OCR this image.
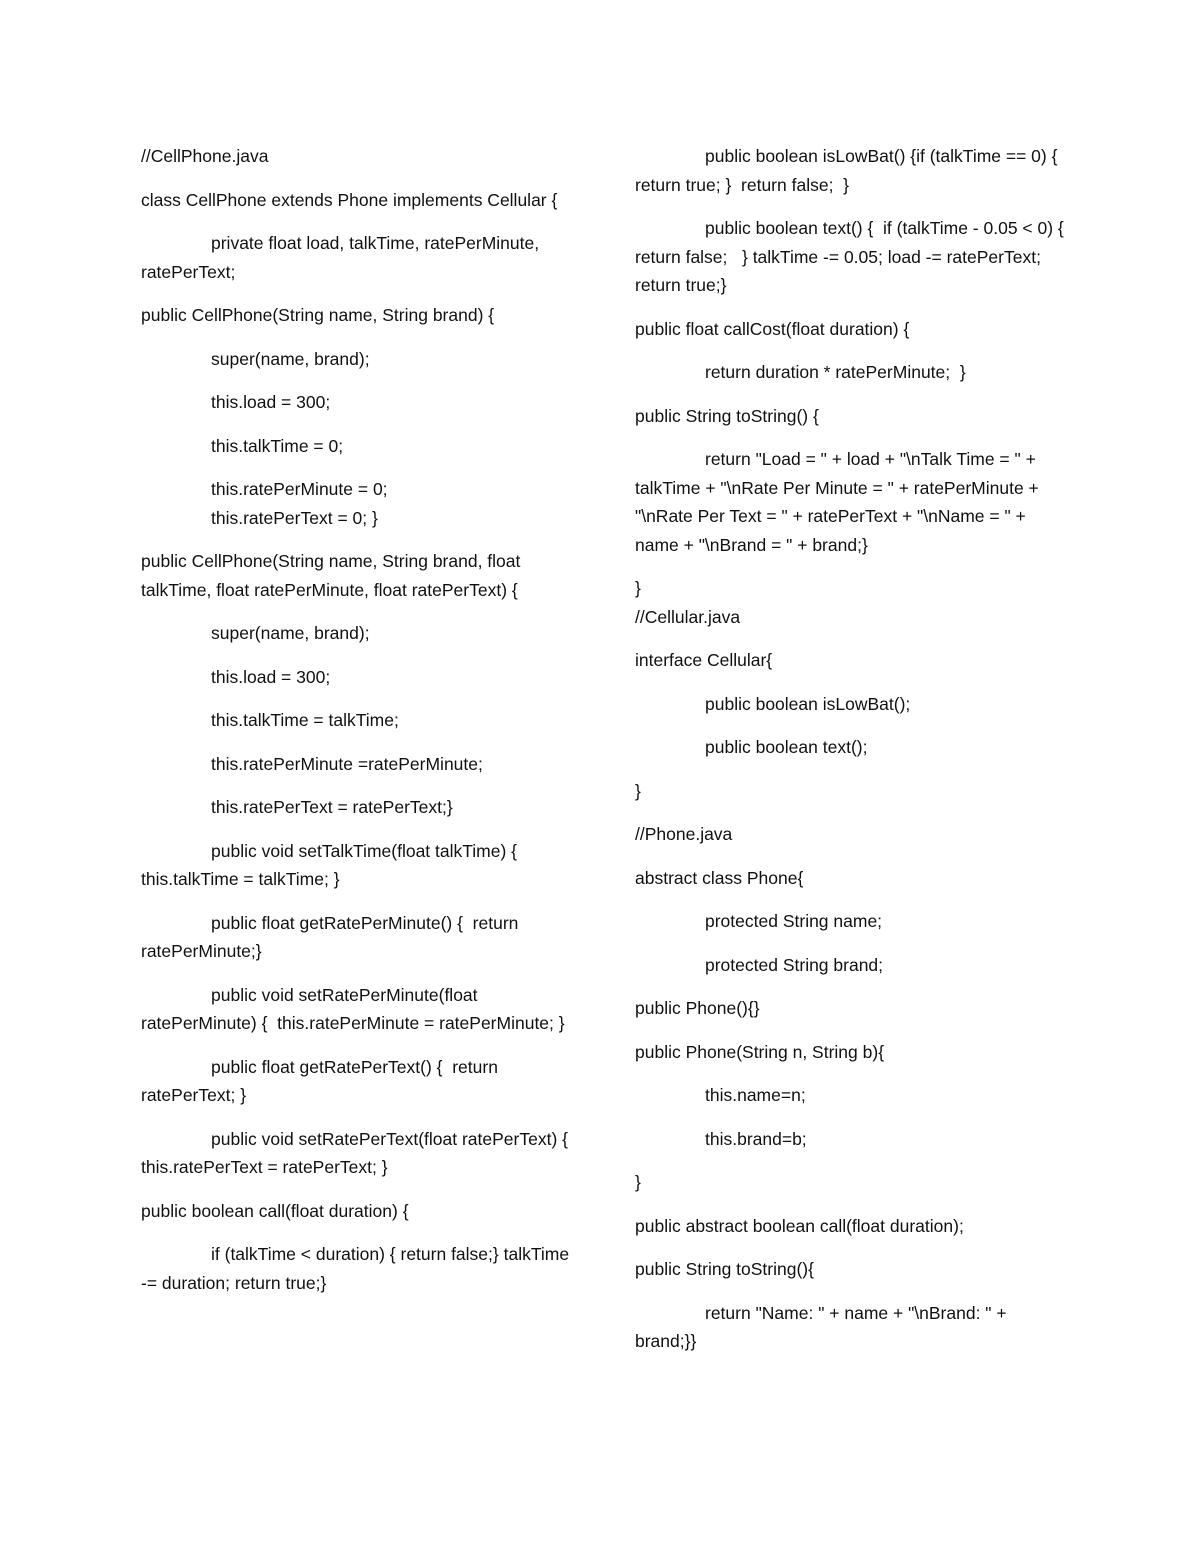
//CellPhone.java

class CellPhone extends Phone implements Cellular {

private float load, talkTime, ratePerMinute, ratePerText;

public CellPhone(String name, String brand) {

super(name, brand);

this.load = 300;

this.talkTime = 0;

this.ratePerMinute = 0;

this.ratePerText = 0; }

public CellPhone(String name, String brand, float talkTime, float ratePerMinute, float ratePerText) {

super(name, brand);

this.load = 300;

this.talkTime = talkTime;

this.ratePerMinute =ratePerMinute;

this.ratePerText = ratePerText;}

public void setTalkTime(float talkTime) { this.talkTime = talkTime; }

public float getRatePerMinute() {  return ratePerMinute;}

public void setRatePerMinute(float ratePerMinute) {  this.ratePerMinute = ratePerMinute; }

public float getRatePerText() {  return ratePerText; }

public void setRatePerText(float ratePerText) {  this.ratePerText = ratePerText; }

public boolean call(float duration) {

if (talkTime < duration) { return false;} talkTime -= duration; return true;}

public boolean isLowBat() {if (talkTime == 0) {  return true; }  return false;  }

public boolean text() {  if (talkTime - 0.05 < 0) {    return false;   } talkTime -= 0.05; load -= ratePerText;   return true;}

public float callCost(float duration) {

return duration * ratePerMinute;  }

public String toString() {

return "Load = " + load + "\nTalk Time = " + talkTime + "\nRate Per Minute = " + ratePerMinute + "\nRate Per Text = " + ratePerText + "\nName = " + name + "\nBrand = " + brand;}

}

//Cellular.java

interface Cellular{

public boolean isLowBat();

public boolean text();

}

//Phone.java

abstract class Phone{

protected String name;

protected String brand;

public Phone(){}

public Phone(String n, String b){

this.name=n;

this.brand=b;

}

public abstract boolean call(float duration);

public String toString(){

return "Name: " + name + "\nBrand: " + brand;}}
